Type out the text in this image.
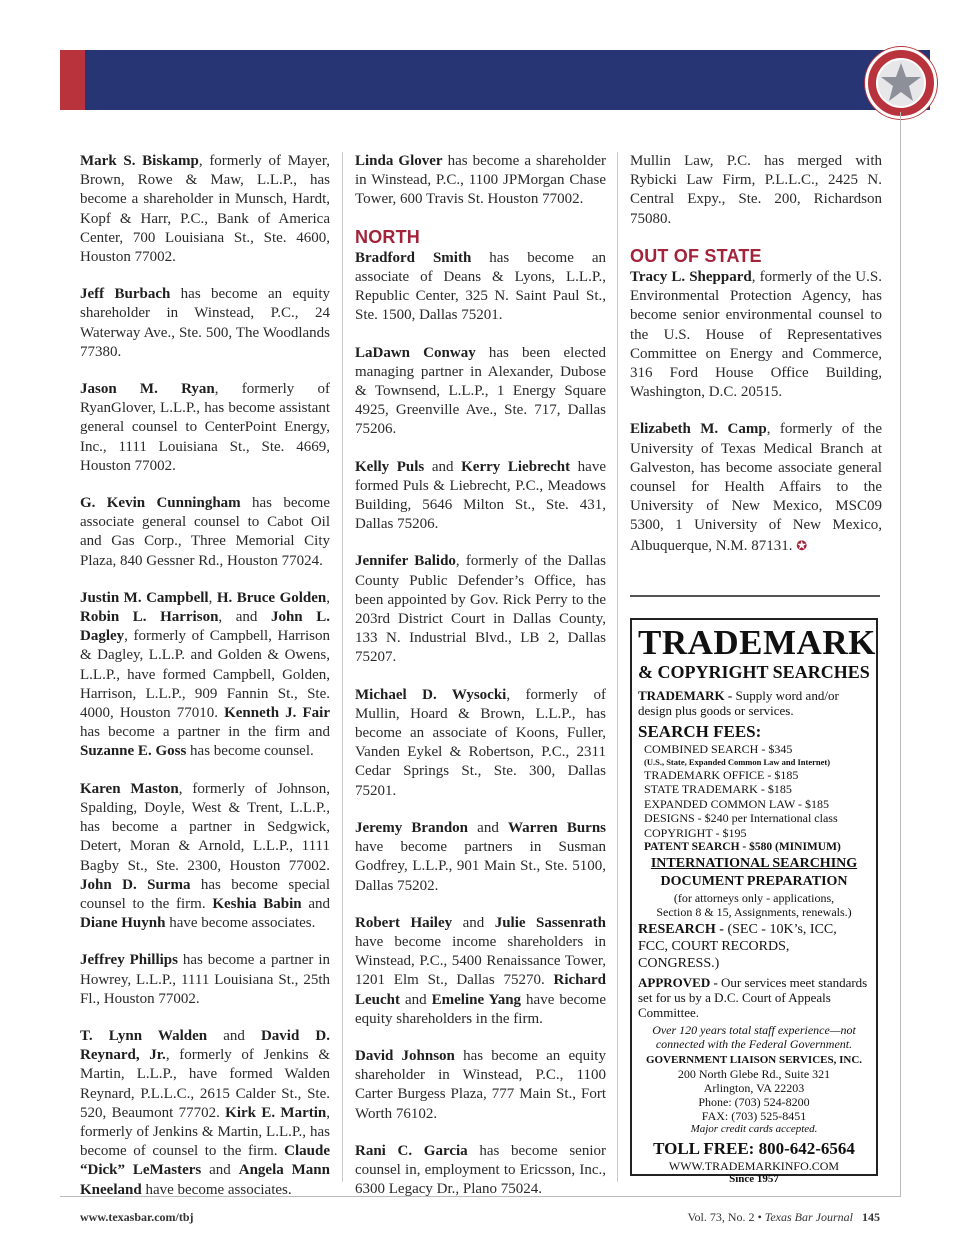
Mark S. Biskamp, formerly of Mayer, Brown, Rowe & Maw, L.L.P., has become a shareholder in Munsch, Hardt, Kopf & Harr, P.C., Bank of America Center, 700 Louisiana St., Ste. 4600, Houston 77002.

Jeff Burbach has become an equity shareholder in Winstead, P.C., 24 Waterway Ave., Ste. 500, The Woodlands 77380.

Jason M. Ryan, formerly of RyanGlover, L.L.P., has become assistant general counsel to CenterPoint Energy, Inc., 1111 Louisiana St., Ste. 4669, Houston 77002.

G. Kevin Cunningham has become associate general counsel to Cabot Oil and Gas Corp., Three Memorial City Plaza, 840 Gessner Rd., Houston 77024.

Justin M. Campbell, H. Bruce Golden, Robin L. Harrison, and John L. Dagley, formerly of Campbell, Harrison & Dagley, L.L.P. and Golden & Owens, L.L.P., have formed Campbell, Golden, Harrison, L.L.P., 909 Fannin St., Ste. 4000, Houston 77010. Kenneth J. Fair has become a partner in the firm and Suzanne E. Goss has become counsel.

Karen Maston, formerly of Johnson, Spalding, Doyle, West & Trent, L.L.P., has become a partner in Sedgwick, Detert, Moran & Arnold, L.L.P., 1111 Bagby St., Ste. 2300, Houston 77002. John D. Surma has become special counsel to the firm. Keshia Babin and Diane Huynh have become associates.

Jeffrey Phillips has become a partner in Howrey, L.L.P., 1111 Louisiana St., 25th Fl., Houston 77002.

T. Lynn Walden and David D. Reynard, Jr., formerly of Jenkins & Martin, L.L.P., have formed Walden Reynard, P.L.L.C., 2615 Calder St., Ste. 520, Beaumont 77702. Kirk E. Martin, formerly of Jenkins & Martin, L.L.P., has become of counsel to the firm. Claude “Dick” LeMasters and Angela Mann Kneeland have become associates.

Linda Glover has become a shareholder in Winstead, P.C., 1100 JPMorgan Chase Tower, 600 Travis St. Houston 77002.

NORTH

Bradford Smith has become an associate of Deans & Lyons, L.L.P., Republic Center, 325 N. Saint Paul St., Ste. 1500, Dallas 75201.

LaDawn Conway has been elected managing partner in Alexander, Dubose & Townsend, L.L.P., 1 Energy Square 4925, Greenville Ave., Ste. 717, Dallas 75206.

Kelly Puls and Kerry Liebrecht have formed Puls & Liebrecht, P.C., Meadows Building, 5646 Milton St., Ste. 431, Dallas 75206.

Jennifer Balido, formerly of the Dallas County Public Defender’s Office, has been appointed by Gov. Rick Perry to the 203rd District Court in Dallas County, 133 N. Industrial Blvd., LB 2, Dallas 75207.

Michael D. Wysocki, formerly of Mullin, Hoard & Brown, L.L.P., has become an associate of Koons, Fuller, Vanden Eykel & Robertson, P.C., 2311 Cedar Springs St., Ste. 300, Dallas 75201.

Jeremy Brandon and Warren Burns have become partners in Susman Godfrey, L.L.P., 901 Main St., Ste. 5100, Dallas 75202.

Robert Hailey and Julie Sassenrath have become income shareholders in Winstead, P.C., 5400 Renaissance Tower, 1201 Elm St., Dallas 75270. Richard Leucht and Emeline Yang have become equity shareholders in the firm.

David Johnson has become an equity shareholder in Winstead, P.C., 1100 Carter Burgess Plaza, 777 Main St., Fort Worth 76102.

Rani C. Garcia has become senior counsel in, employment to Ericsson, Inc., 6300 Legacy Dr., Plano 75024.

Mullin Law, P.C. has merged with Rybicki Law Firm, P.L.L.C., 2425 N. Central Expy., Ste. 200, Richardson 75080.

OUT OF STATE

Tracy L. Sheppard, formerly of the U.S. Environmental Protection Agency, has become senior environmental counsel to the U.S. House of Representatives Committee on Energy and Commerce, 316 Ford House Office Building, Washington, D.C. 20515.

Elizabeth M. Camp, formerly of the University of Texas Medical Branch at Galveston, has become associate general counsel for Health Affairs to the University of New Mexico, MSC09 5300, 1 University of New Mexico, Albuquerque, N.M. 87131. ✪

TRADEMARK
& COPYRIGHT SEARCHES
TRADEMARK - Supply word and/or design plus goods or services.
SEARCH FEES:
COMBINED SEARCH - $345
(U.S., State, Expanded Common Law and Internet)
TRADEMARK OFFICE - $185
STATE TRADEMARK - $185
EXPANDED COMMON LAW - $185
DESIGNS - $240 per International class
COPYRIGHT - $195
PATENT SEARCH - $580 (MINIMUM)
INTERNATIONAL SEARCHING
DOCUMENT PREPARATION
(for attorneys only - applications,
Section 8 & 15, Assignments, renewals.)
RESEARCH - (SEC - 10K’s, ICC, FCC, COURT RECORDS, CONGRESS.)
APPROVED - Our services meet standards set for us by a D.C. Court of Appeals Committee.
Over 120 years total staff experience—not connected with the Federal Government.
GOVERNMENT LIAISON SERVICES, INC.
200 North Glebe Rd., Suite 321
Arlington, VA 22203
Phone: (703) 524-8200
FAX: (703) 525-8451
Major credit cards accepted.
TOLL FREE: 800-642-6564
WWW.TRADEMARKINFO.COM
Since 1957
www.texasbar.com/tbj	Vol. 73, No. 2 • Texas Bar Journal 145
